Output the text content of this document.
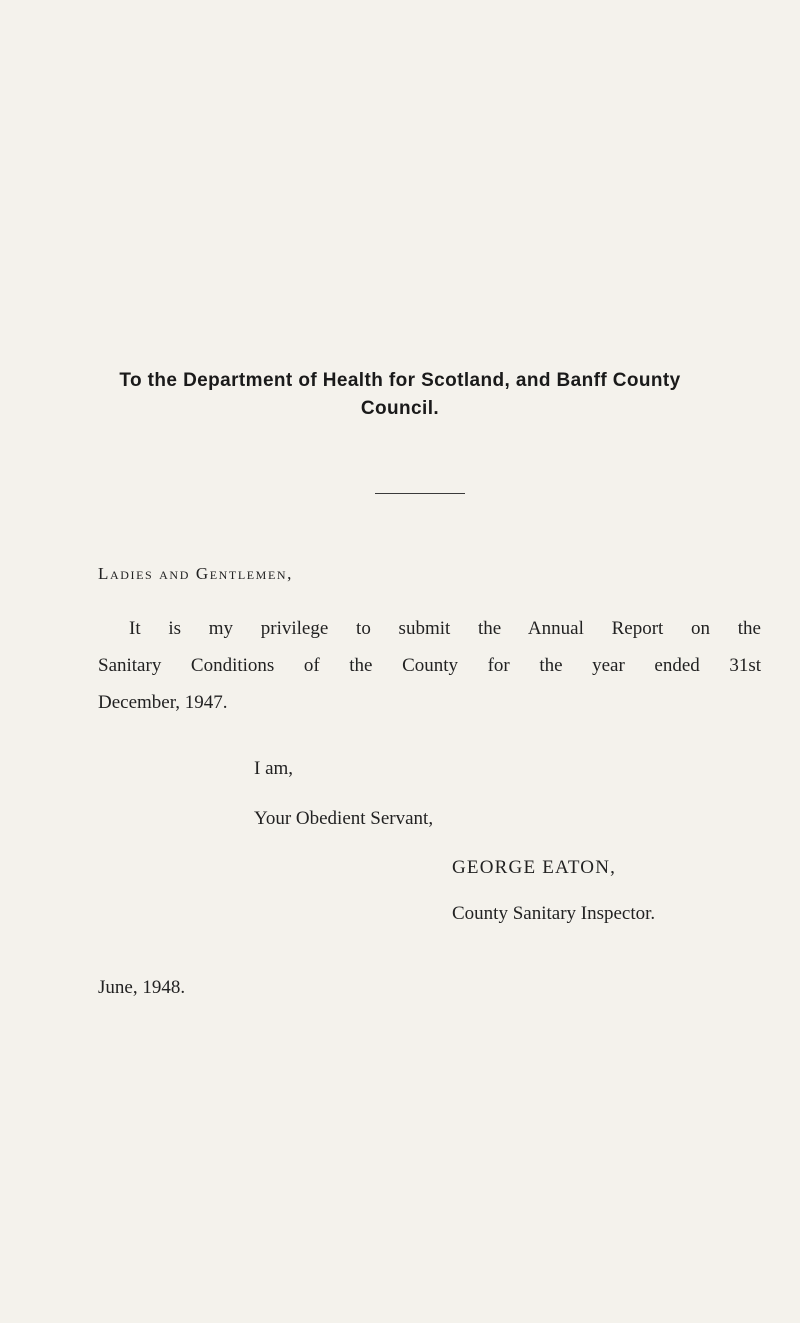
To the Department of Health for Scotland, and Banff County
Council.
Ladies and Gentlemen,
It is my privilege to submit the Annual Report on the
Sanitary Conditions of the County for the year ended 31st
December, 1947.
I am,
Your Obedient Servant,
GEORGE EATON,
County Sanitary Inspector.
June, 1948.
